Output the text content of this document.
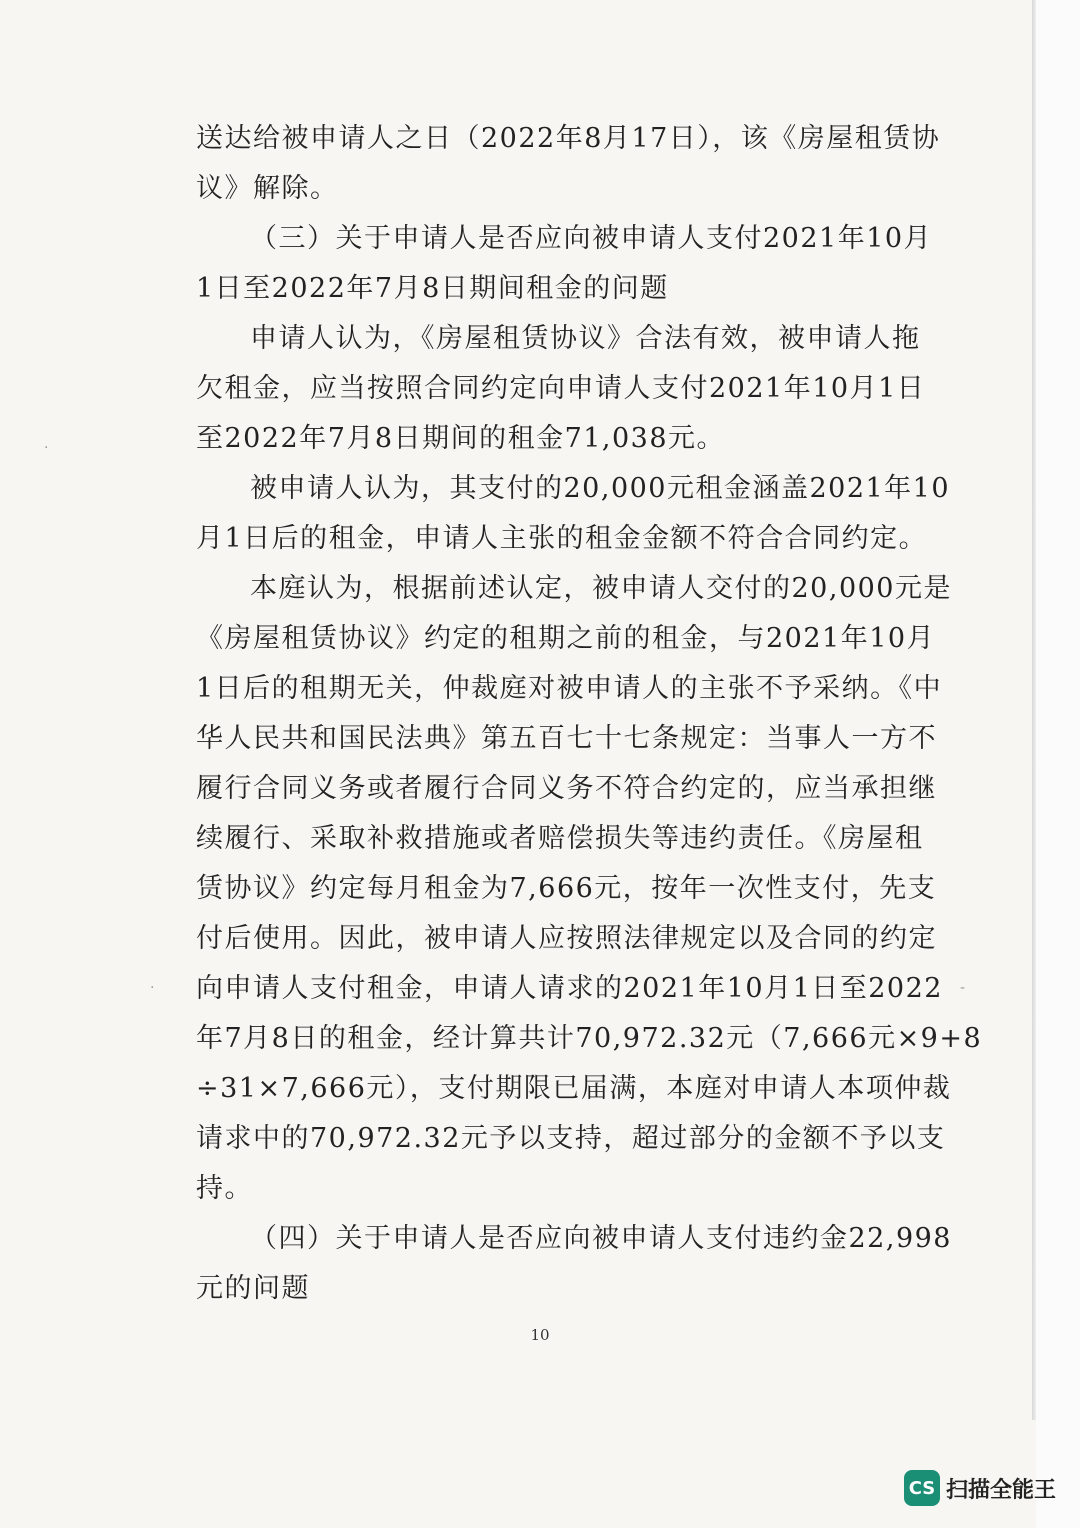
·
·	-
送达给被申请人之日（2022年8月17日），该《房屋租赁协
议》解除。
（三）关于申请人是否应向被申请人支付2021年10月
1日至2022年7月8日期间租金的问题
申请人认为，《房屋租赁协议》合法有效，被申请人拖
欠租金，应当按照合同约定向申请人支付2021年10月1日
至2022年7月8日期间的租金71,038元。
被申请人认为，其支付的20,000元租金涵盖2021年10
月1日后的租金，申请人主张的租金金额不符合合同约定。
本庭认为，根据前述认定，被申请人交付的20,000元是
《房屋租赁协议》约定的租期之前的租金，与2021年10月
1日后的租期无关，仲裁庭对被申请人的主张不予采纳。《中
华人民共和国民法典》第五百七十七条规定：当事人一方不
履行合同义务或者履行合同义务不符合约定的，应当承担继
续履行、采取补救措施或者赔偿损失等违约责任。《房屋租
赁协议》约定每月租金为7,666元，按年一次性支付，先支
付后使用。因此，被申请人应按照法律规定以及合同的约定
向申请人支付租金，申请人请求的2021年10月1日至2022
年7月8日的租金，经计算共计70,972.32元（7,666元×9+8
÷31×7,666元），支付期限已届满，本庭对申请人本项仲裁
请求中的70,972.32元予以支持，超过部分的金额不予以支
持。
（四）关于申请人是否应向被申请人支付违约金22,998
元的问题
10
CS 扫描全能王
